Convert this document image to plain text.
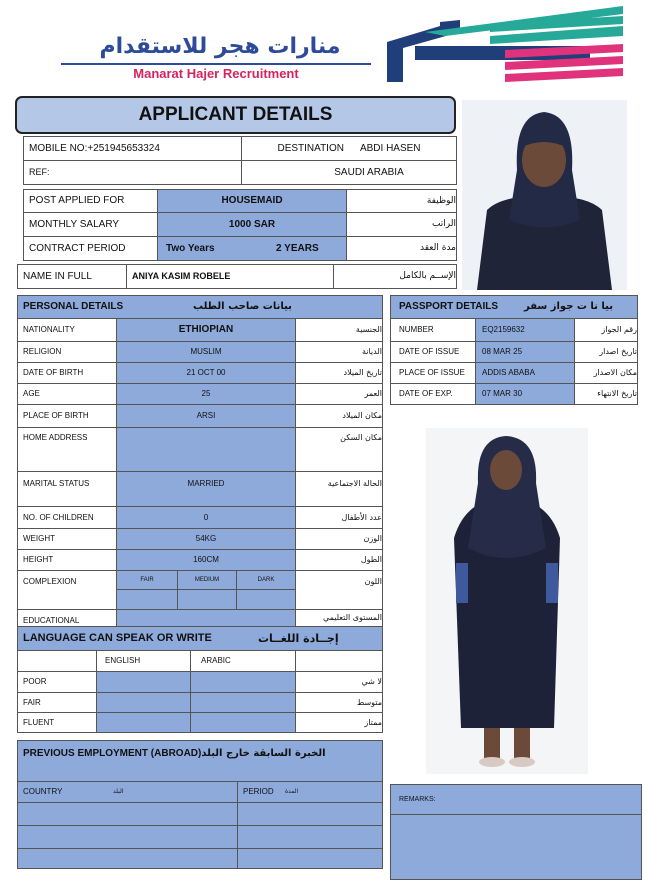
منارات هجر للاستقدام
Manarat Hajer Recruitment
APPLICANT DETAILS
MOBILE NO:+251945653324	DESTINATION ABDI HASEN
REF:	SAUDI ARABIA
POST APPLIED FOR	HOUSEMAID	الوظيفة
MONTHLY SALARY	1000 SAR	الراتب
CONTRACT PERIOD	Two Years	2 YEARS	مدة العقد
NAME IN FULL	ANIYA KASIM ROBELE	الإســم بالكامل
PERSONAL DETAILS	بيانات صاحب الطلب
NATIONALITY	ETHIOPIAN	الجنسية
RELIGION	MUSLIM	الديانة
DATE OF BIRTH	21 OCT 00	تاريخ الميلاد
AGE	25	العمر
PLACE OF BIRTH	ARSI	مكان الميلاد
HOME ADDRESS	مكان السكن
MARITAL STATUS	MARRIED	الحالة الاجتماعية
NO. OF CHILDREN	0	عدد الأطفال
WEIGHT	54KG	الوزن
HEIGHT	160CM	الطول
COMPLEXION	FAIR	MEDIUM	DARK	اللون
EDUCATIONAL	المستوى التعليمي
LANGUAGE CAN SPEAK OR WRITE	إجــادة اللغــات
ENGLISH	ARABIC
POOR	لا شي
FAIR	متوسط
FLUENT	ممتاز
PREVIOUS EMPLOYMENT (ABROAD) الخبرة السابقة خارج البلد
COUNTRY	البلد	PERIOD	المدة
PASSPORT DETAILS	بيا نا ت جواز سفر
NUMBER	EQ2159632	رقم الجواز
DATE OF ISSUE	08 MAR 25	تاريخ اصدار
PLACE OF ISSUE	ADDIS ABABA	مكان الاصدار
DATE OF EXP.	07 MAR 30	تاريخ الانتهاء
REMARKS:
